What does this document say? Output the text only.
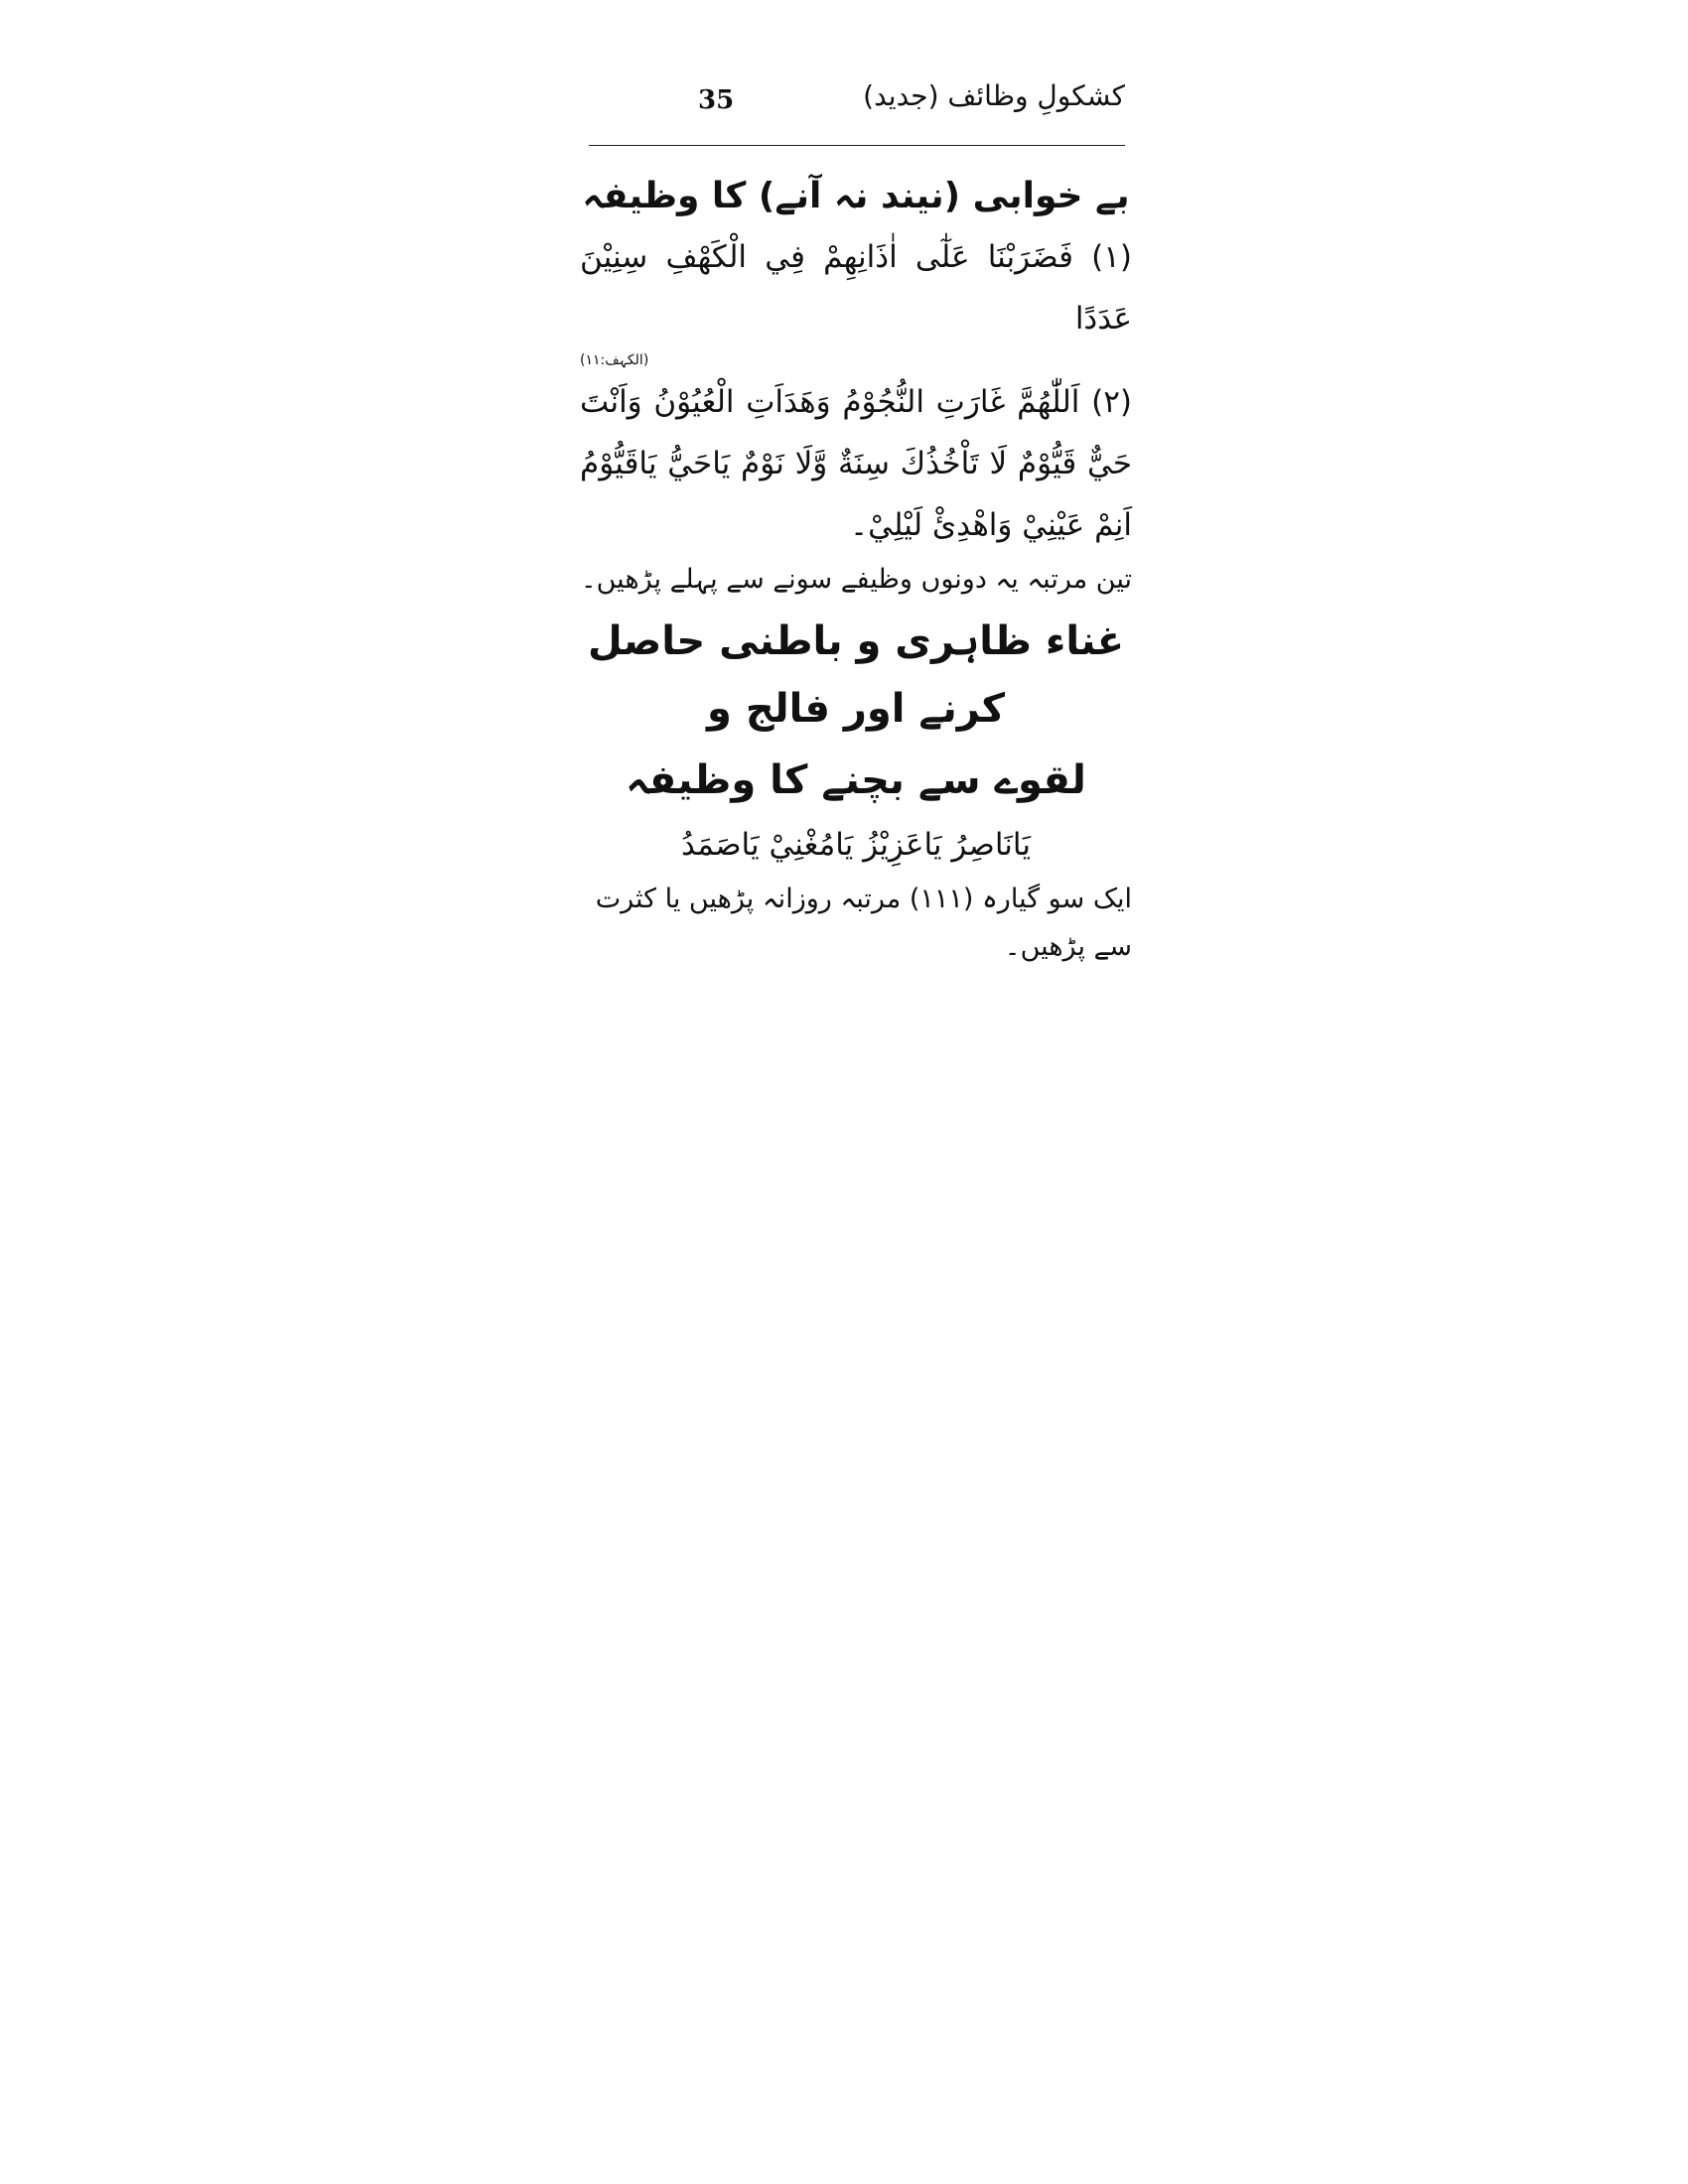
35	کشکولِ وظائف (جدید)
بے خوابی (نیند نہ آنے) کا وظیفہ

(۱) فَضَرَبْنَا عَلٰٓى اٰذَانِهِمْ فِي الْكَهْفِ سِنِيْنَ عَدَدًا

(الکہف:۱۱)

(۲) اَللّٰهُمَّ غَارَتِ النُّجُوْمُ وَهَدَاَتِ الْعُيُوْنُ وَاَنْتَ حَيٌّ قَيُّوْمٌ لَا تَاْخُذُكَ سِنَةٌ وَّلَا نَوْمٌ يَاحَيُّ يَاقَيُّوْمُ اَنِمْ عَيْنِيْ وَاهْدِئْ لَيْلِيْ۔

تین مرتبہ یہ دونوں وظیفے سونے سے پہلے پڑھیں۔

غناء ظاہری و باطنی حاصل کرنے اور فالج و
لقوے سے بچنے کا وظیفہ

يَانَاصِرُ يَاعَزِيْزُ يَامُغْنِيْ يَاصَمَدُ

ایک سو گیارہ (۱۱۱) مرتبہ روزانہ پڑھیں یا کثرت سے پڑھیں۔
